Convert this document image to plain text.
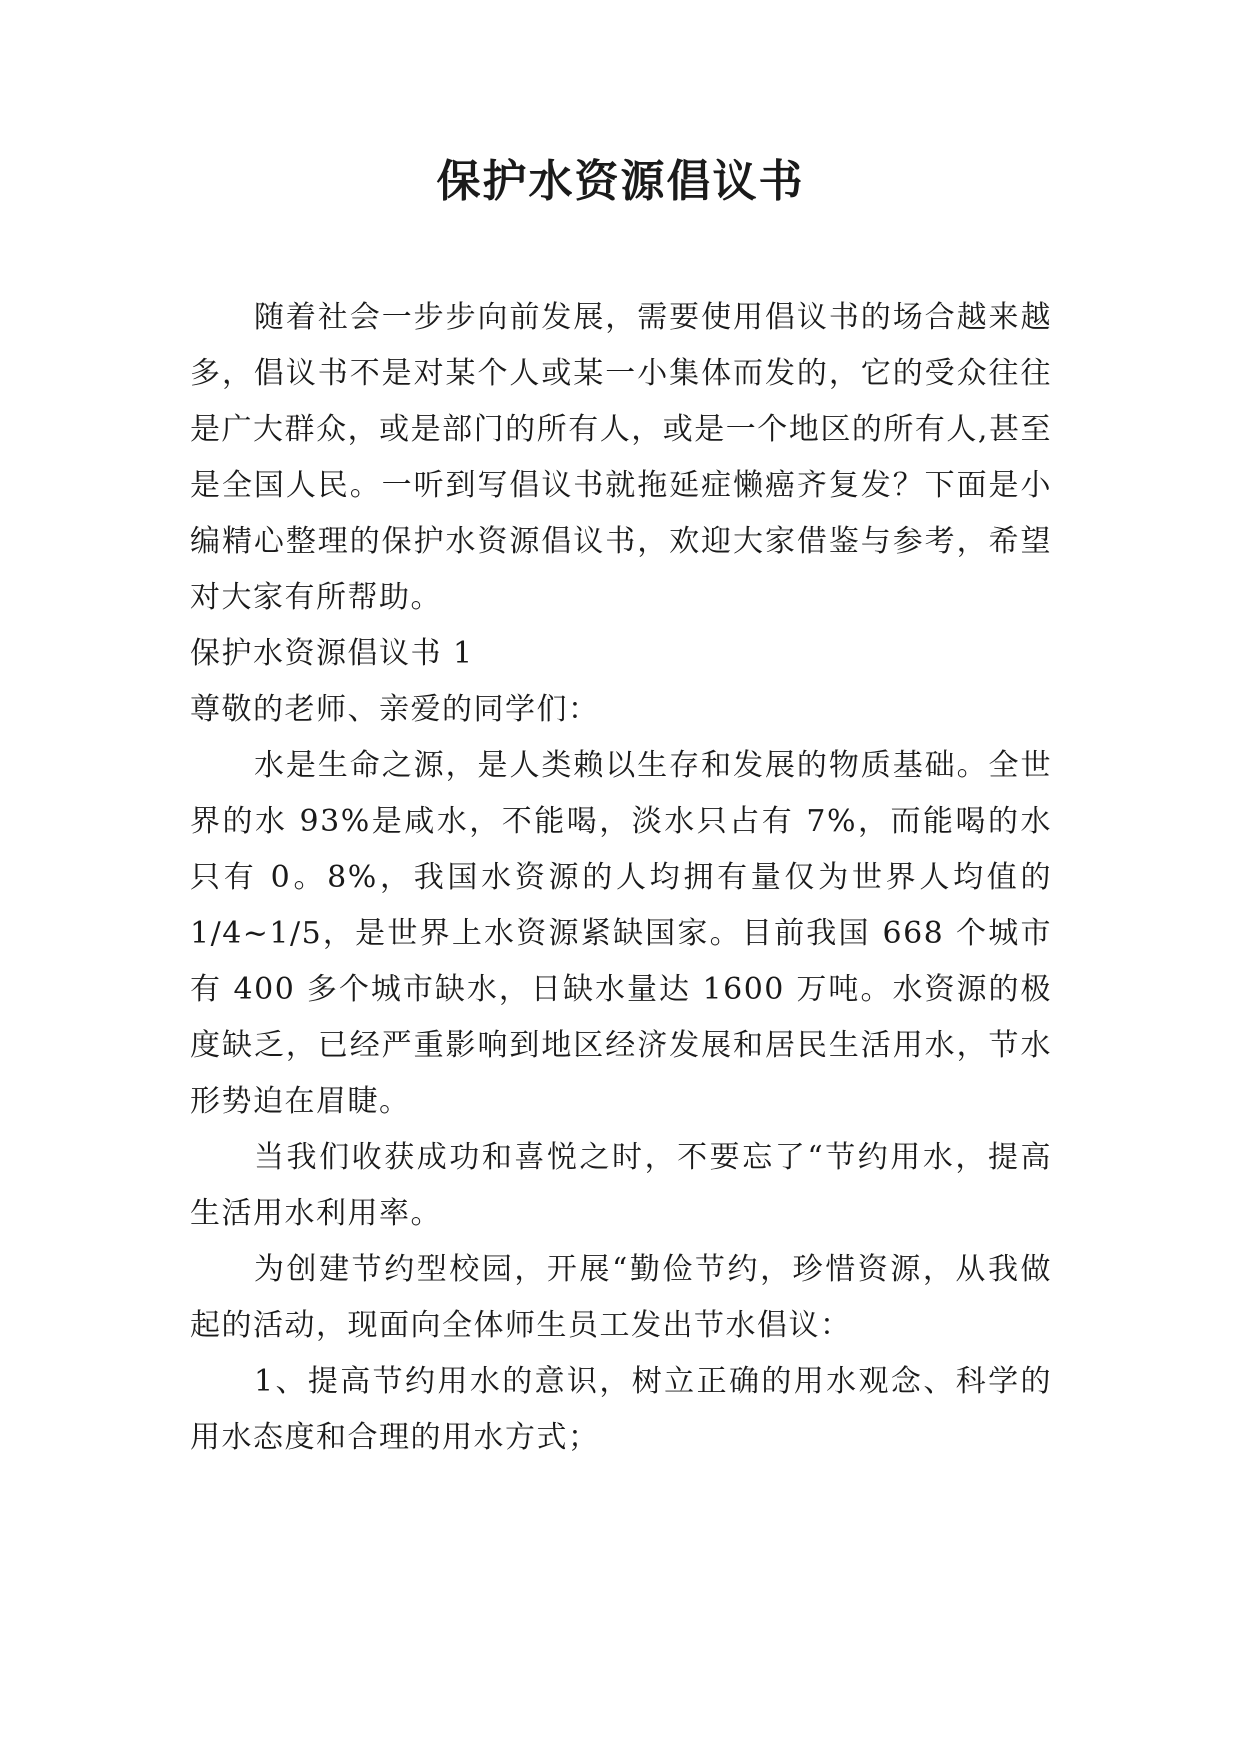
保护水资源倡议书

随着社会一步步向前发展，需要使用倡议书的场合越来越多，倡议书不是对某个人或某一小集体而发的，它的受众往往是广大群众，或是部门的所有人，或是一个地区的所有人,甚至是全国人民。一听到写倡议书就拖延症懒癌齐复发？下面是小编精心整理的保护水资源倡议书，欢迎大家借鉴与参考，希望对大家有所帮助。

保护水资源倡议书 1

尊敬的老师、亲爱的同学们：

水是生命之源，是人类赖以生存和发展的物质基础。全世界的水 93%是咸水，不能喝，淡水只占有 7%，而能喝的水只有 0。8%，我国水资源的人均拥有量仅为世界人均值的1/4~1/5，是世界上水资源紧缺国家。目前我国 668 个城市有 400 多个城市缺水，日缺水量达 1600 万吨。水资源的极度缺乏，已经严重影响到地区经济发展和居民生活用水，节水形势迫在眉睫。

当我们收获成功和喜悦之时，不要忘了“节约用水，提高生活用水利用率。

为创建节约型校园，开展“勤俭节约，珍惜资源，从我做起的活动，现面向全体师生员工发出节水倡议：

1、提高节约用水的意识，树立正确的用水观念、科学的用水态度和合理的用水方式；
